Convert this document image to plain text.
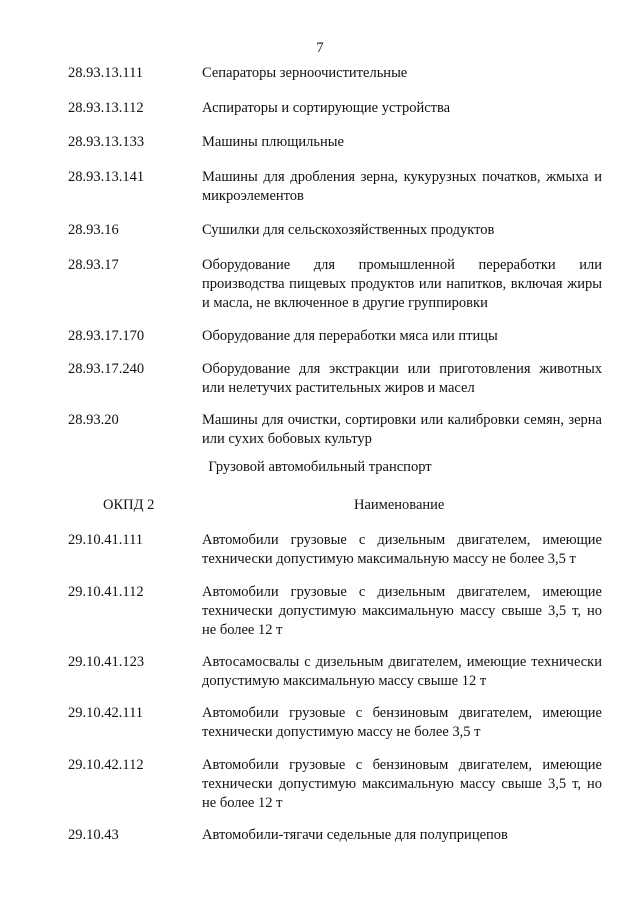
7
28.93.13.111	Сепараторы зерноочистительные
28.93.13.112	Аспираторы и сортирующие устройства
28.93.13.133	Машины плющильные
28.93.13.141	Машины для дробления зерна, кукурузных початков, жмыха и микроэлементов
28.93.16	Сушилки для сельскохозяйственных продуктов
28.93.17	Оборудование для промышленной переработки или производства пищевых продуктов или напитков, включая жиры и масла, не включенное в другие группировки
28.93.17.170	Оборудование для переработки мяса или птицы
28.93.17.240	Оборудование для экстракции или приготовления животных или нелетучих растительных жиров и масел
28.93.20	Машины для очистки, сортировки или калибровки семян, зерна или сухих бобовых культур
Грузовой автомобильный транспорт
ОКПД 2	Наименование
29.10.41.111	Автомобили грузовые с дизельным двигателем, имеющие технически допустимую максимальную массу не более 3,5 т
29.10.41.112	Автомобили грузовые с дизельным двигателем, имеющие технически допустимую максимальную массу свыше 3,5 т, но не более 12 т
29.10.41.123	Автосамосвалы с дизельным двигателем, имеющие технически допустимую максимальную массу свыше 12 т
29.10.42.111	Автомобили грузовые с бензиновым двигателем, имеющие технически допустимую массу не более 3,5 т
29.10.42.112	Автомобили грузовые с бензиновым двигателем, имеющие технически допустимую максимальную массу свыше 3,5 т, но не более 12 т
29.10.43	Автомобили-тягачи седельные для полуприцепов
